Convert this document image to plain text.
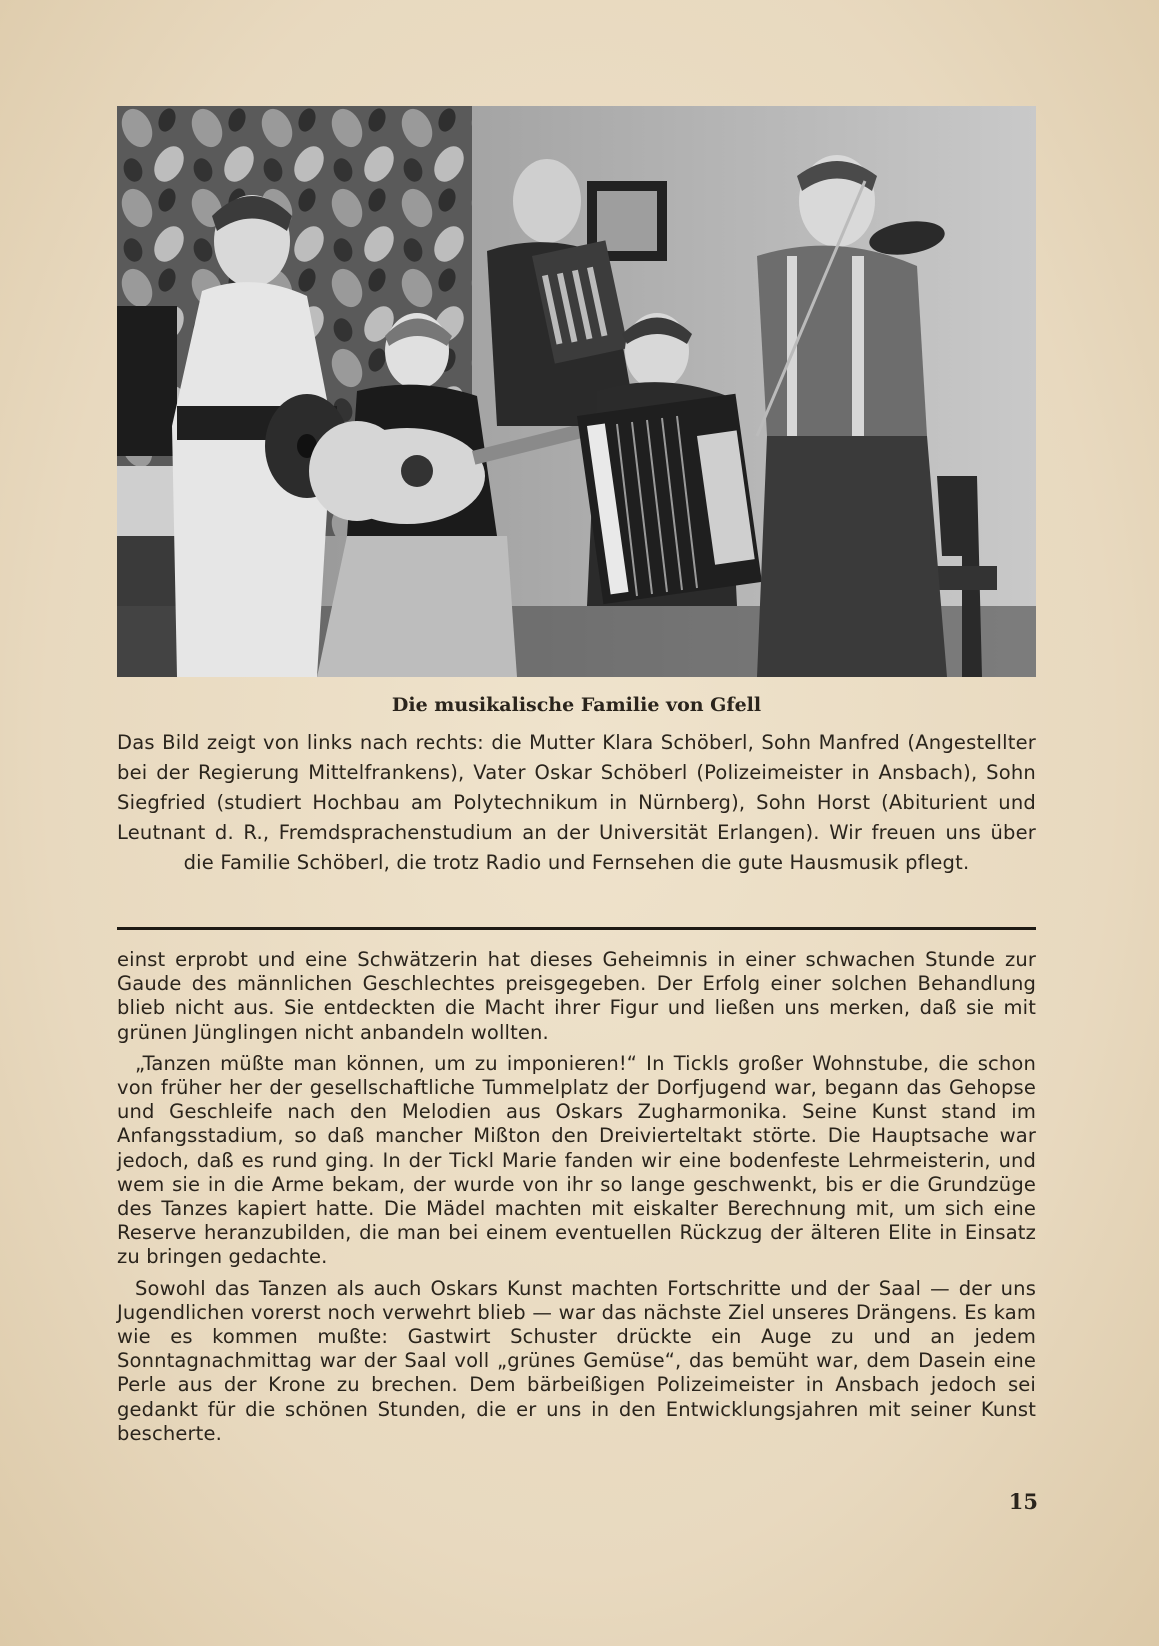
Die musikalische Familie von Gfell
Das Bild zeigt von links nach rechts: die Mutter Klara Schöberl, Sohn Manfred (Angestellter bei der Regierung Mittelfrankens), Vater Oskar Schöberl (Polizeimeister in Ansbach), Sohn Siegfried (studiert Hochbau am Polytechnikum in Nürnberg), Sohn Horst (Abiturient und Leutnant d. R., Fremdsprachenstudium an der Universität Erlangen). Wir freuen uns über die Familie Schöberl, die trotz Radio und Fernsehen die gute Hausmusik pflegt.

einst erprobt und eine Schwätzerin hat dieses Geheimnis in einer schwachen Stunde zur Gaude des männlichen Geschlechtes preisgegeben. Der Erfolg einer solchen Behandlung blieb nicht aus. Sie entdeckten die Macht ihrer Figur und ließen uns merken, daß sie mit grünen Jünglingen nicht anbandeln wollten.

„Tanzen müßte man können, um zu imponieren!“ In Tickls großer Wohnstube, die schon von früher her der gesellschaftliche Tummelplatz der Dorfjugend war, begann das Gehopse und Geschleife nach den Melodien aus Oskars Zugharmonika. Seine Kunst stand im Anfangsstadium, so daß mancher Mißton den Dreivierteltakt störte. Die Hauptsache war jedoch, daß es rund ging. In der Tickl Marie fanden wir eine bodenfeste Lehrmeisterin, und wem sie in die Arme bekam, der wurde von ihr so lange geschwenkt, bis er die Grundzüge des Tanzes kapiert hatte. Die Mädel machten mit eiskalter Berechnung mit, um sich eine Reserve heranzubilden, die man bei einem eventuellen Rückzug der älteren Elite in Einsatz zu bringen gedachte.

Sowohl das Tanzen als auch Oskars Kunst machten Fortschritte und der Saal — der uns Jugendlichen vorerst noch verwehrt blieb — war das nächste Ziel unseres Drängens. Es kam wie es kommen mußte: Gastwirt Schuster drückte ein Auge zu und an jedem Sonntagnachmittag war der Saal voll „grünes Gemüse“, das bemüht war, dem Dasein eine Perle aus der Krone zu brechen. Dem bärbeißigen Polizeimeister in Ansbach jedoch sei gedankt für die schönen Stunden, die er uns in den Entwicklungsjahren mit seiner Kunst bescherte.

15
